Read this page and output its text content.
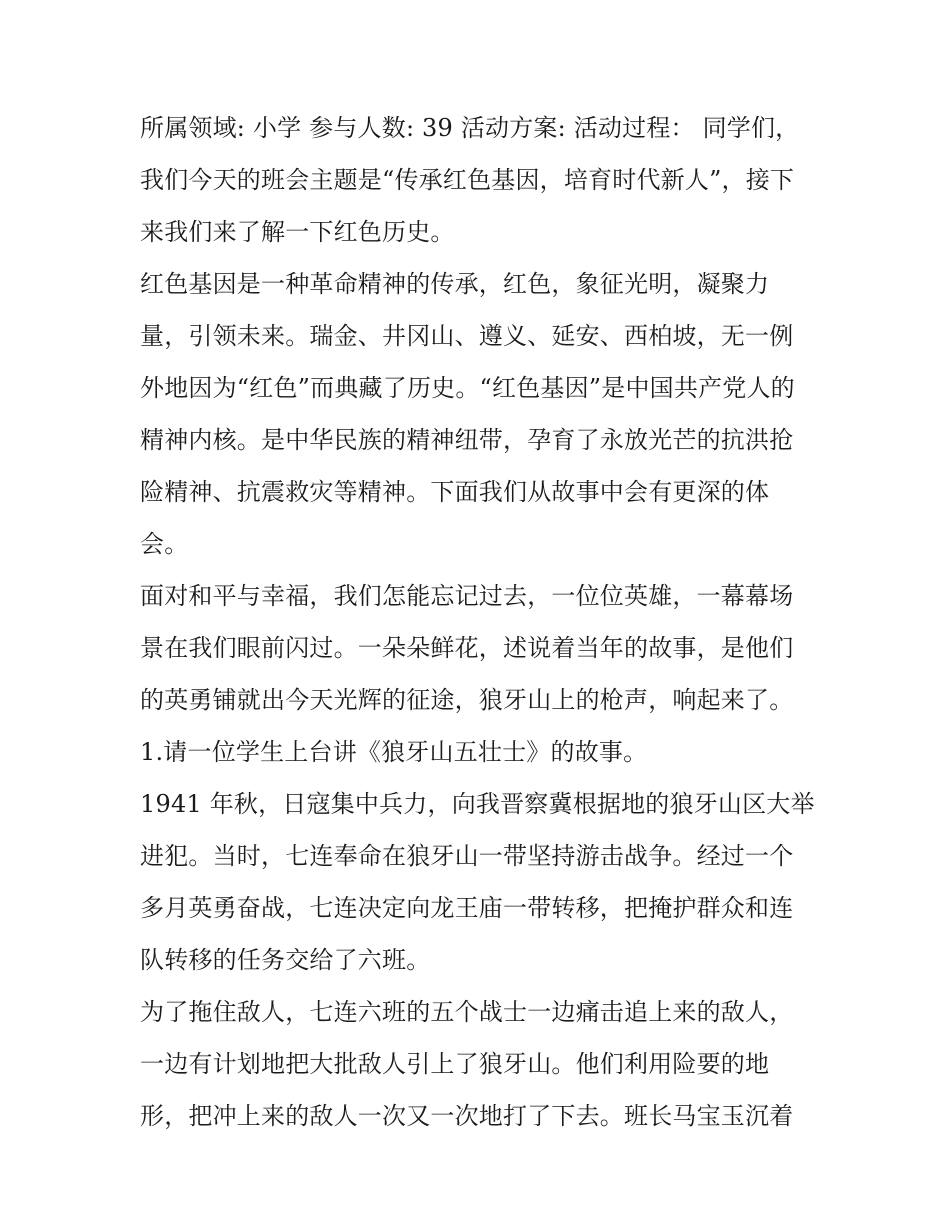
所属领域: 小学 参与人数: 39 活动方案: 活动过程： 同学们，
我们今天的班会主题是“传承红色基因，培育时代新人”，接下
来我们来了解一下红色历史。
红色基因是一种革命精神的传承，红色，象征光明，凝聚力
量，引领未来。瑞金、井冈山、遵义、延安、西柏坡，无一例
外地因为“红色”而典藏了历史。“红色基因”是中国共产党人的
精神内核。是中华民族的精神纽带，孕育了永放光芒的抗洪抢
险精神、抗震救灾等精神。下面我们从故事中会有更深的体
会。
面对和平与幸福，我们怎能忘记过去，一位位英雄，一幕幕场
景在我们眼前闪过。一朵朵鲜花，述说着当年的故事，是他们
的英勇铺就出今天光辉的征途，狼牙山上的枪声，响起来了。
1.请一位学生上台讲《狼牙山五壮士》的故事。
1941 年秋，日寇集中兵力，向我晋察冀根据地的狼牙山区大举
进犯。当时，七连奉命在狼牙山一带坚持游击战争。经过一个
多月英勇奋战，七连决定向龙王庙一带转移，把掩护群众和连
队转移的任务交给了六班。
为了拖住敌人，七连六班的五个战士一边痛击追上来的敌人，
一边有计划地把大批敌人引上了狼牙山。他们利用险要的地
形，把冲上来的敌人一次又一次地打了下去。班长马宝玉沉着
